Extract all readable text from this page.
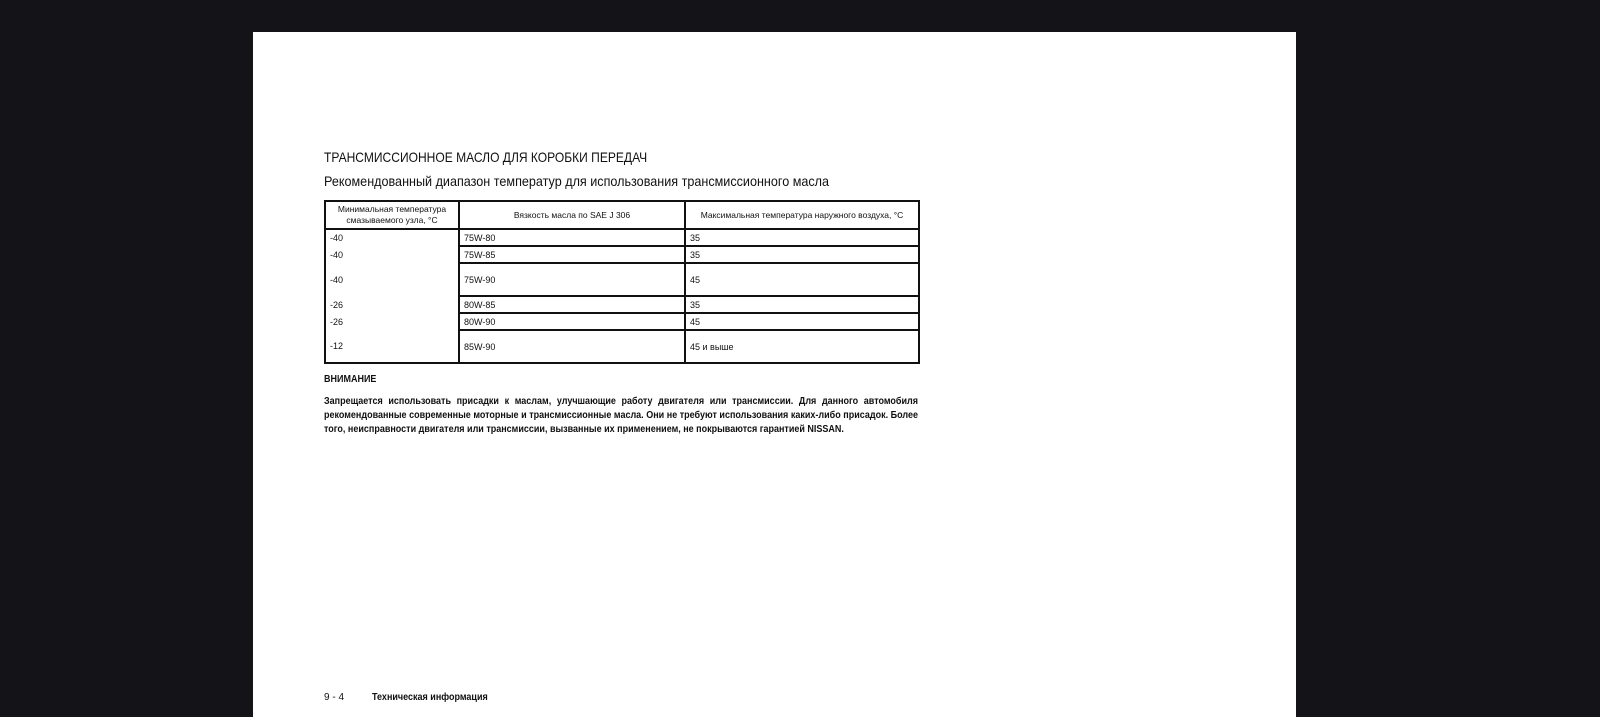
ТРАНСМИССИОННОЕ МАСЛО ДЛЯ КОРОБКИ ПЕРЕДАЧ
Рекомендованный диапазон температур для использования трансмиссионного масла
Минимальная температура смазываемого узла, °С	Вязкость масла по SAE J 306	Максимальная температура наружного воздуха, °С
-40	75W-80	35
-40	75W-85	35
-40	75W-90	45
-26	80W-85	35
-26	80W-90	45
-12	85W-90	45 и выше
ВНИМАНИЕ
Запрещается использовать присадки к маслам, улучшающие работу двигателя или трансмиссии. Для данного автомобиля рекомендованные современные моторные и трансмиссионные масла. Они не требуют использования каких-либо присадок. Более того, неисправности двигателя или трансмиссии, вызванные их применением, не покрываются гарантией NISSAN.
9 - 4	Техническая информация
